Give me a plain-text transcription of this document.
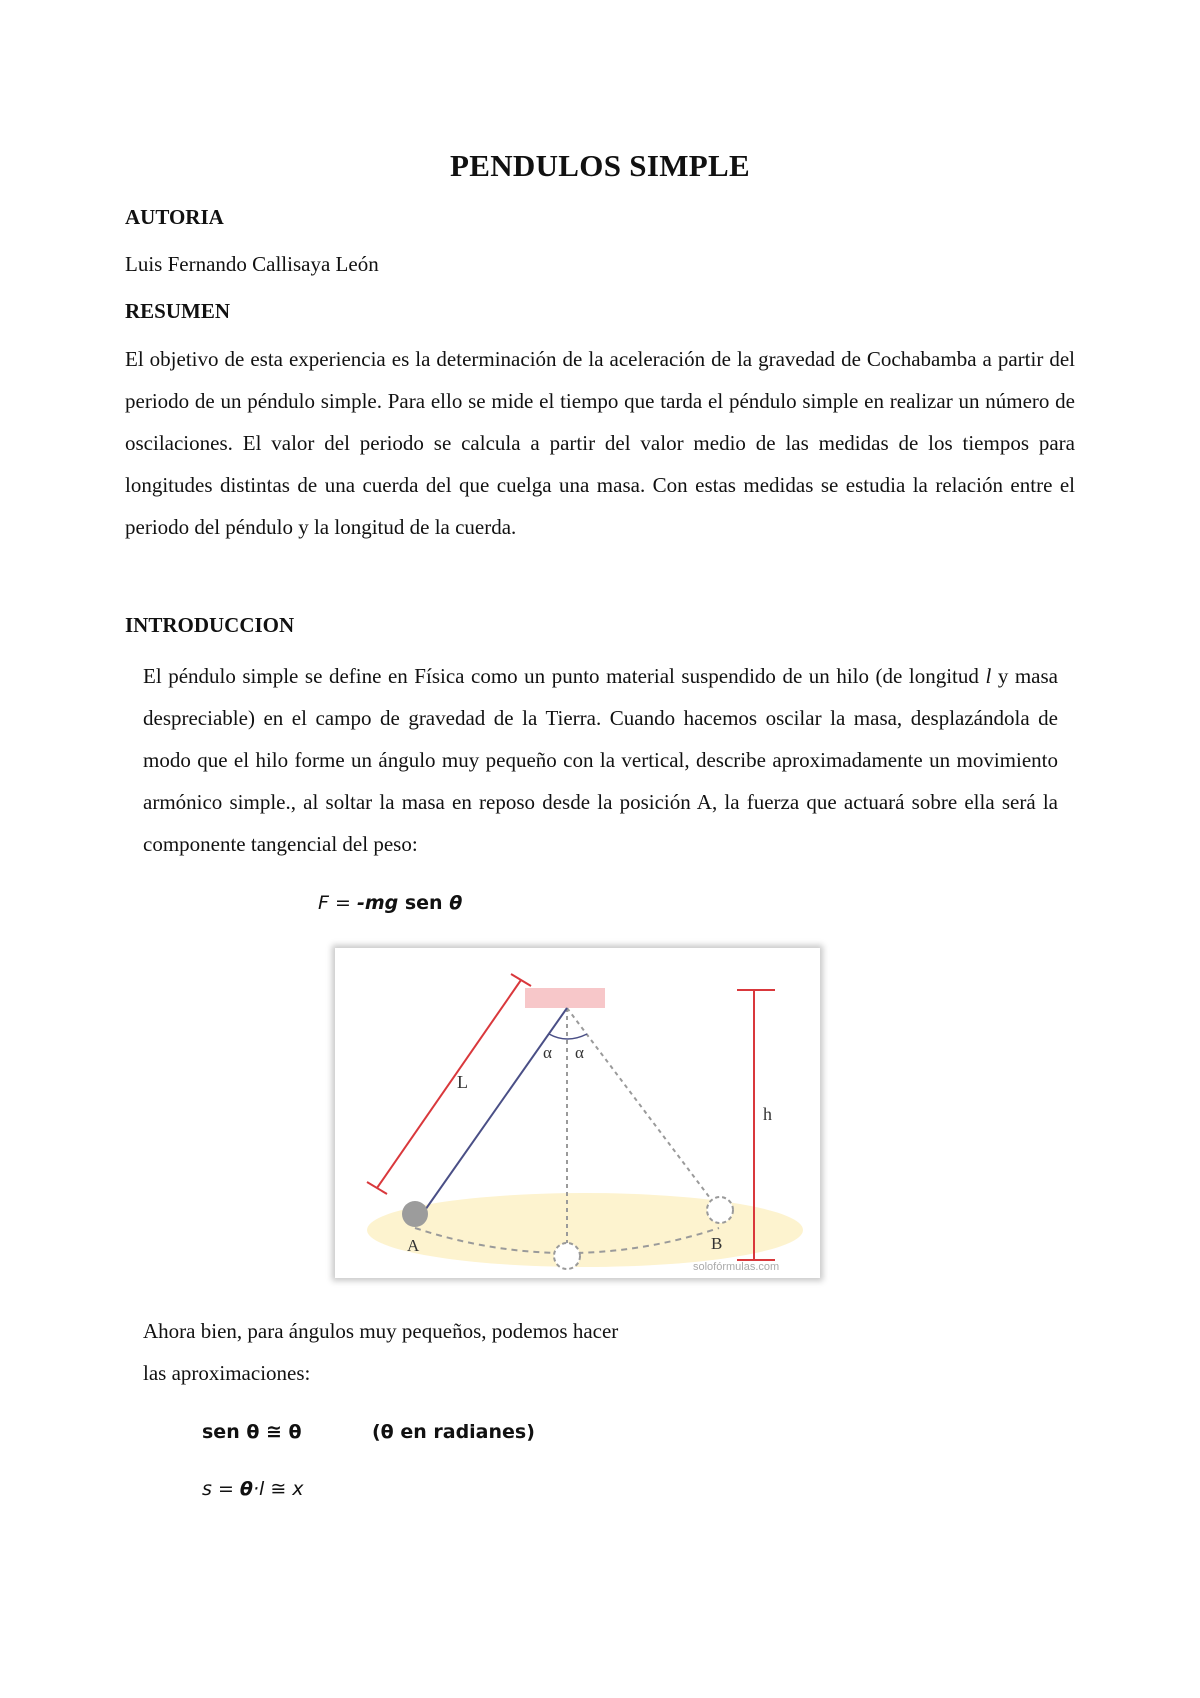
PENDULOS SIMPLE
AUTORIA
Luis Fernando Callisaya León
RESUMEN

El objetivo de esta experiencia es la determinación de la aceleración de la gravedad de Cochabamba a partir del periodo de un péndulo simple. Para ello se mide el tiempo que tarda el péndulo simple en realizar un número de oscilaciones. El valor del periodo se calcula a partir del valor medio de las medidas de los tiempos para longitudes distintas de una cuerda del que cuelga una masa. Con estas medidas se estudia la relación entre el periodo del péndulo y la longitud de la cuerda.

INTRODUCCION

El péndulo simple se define en Física como un punto material suspendido de un hilo (de longitud l y masa despreciable) en el campo de gravedad de la Tierra. Cuando hacemos oscilar la masa, desplazándola de modo que el hilo forme un ángulo muy pequeño con la vertical, describe aproximadamente un movimiento armónico simple., al soltar la masa en reposo desde la posición A, la fuerza que actuará sobre ella será la componente tangencial del peso:

F = -mg sen θ
L
α α
h
A	B
solofórmulas.com
Ahora bien, para ángulos muy pequeños, podemos hacer
las aproximaciones:
sen θ ≅ θ	(θ en radianes)
s = θ·l ≅ x
